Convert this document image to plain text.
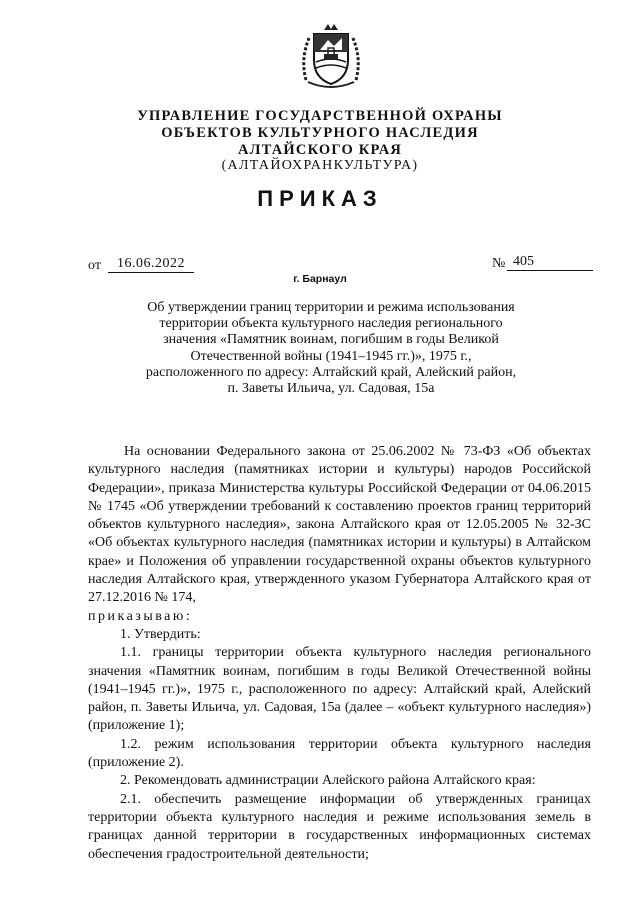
УПРАВЛЕНИЕ ГОСУДАРСТВЕННОЙ ОХРАНЫ
ОБЪЕКТОВ КУЛЬТУРНОГО НАСЛЕДИЯ
АЛТАЙСКОГО КРАЯ
(АЛТАЙОХРАНКУЛЬТУРА)
ПРИКАЗ
от	16.06.2022	№ 405
г. Барнаул
Об утверждении границ территории и режима использования
территории объекта культурного наследия регионального
значения «Памятник воинам, погибшим в годы Великой
Отечественной войны (1941–1945 гг.)», 1975 г.,
расположенного по адресу: Алтайский край, Алейский район,
п. Заветы Ильича, ул. Садовая, 15а

На основании Федерального закона от 25.06.2002 № 73-ФЗ «Об объектах культурного наследия (памятниках истории и культуры) народов Российской Федерации», приказа Министерства культуры Российской Федерации от 04.06.2015 № 1745 «Об утверждении требований к составлению проектов границ территорий объектов культурного наследия», закона Алтайского края от 12.05.2005 № 32-ЗС «Об объектах культурного наследия (памятниках истории и культуры) в Алтайском крае» и Положения об управлении государственной охраны объектов культурного наследия Алтайского края, утвержденного указом Губернатора Алтайского края от 27.12.2016 № 174,

приказываю:

1. Утвердить:

1.1. границы территории объекта культурного наследия регионального значения «Памятник воинам, погибшим в годы Великой Отечественной войны (1941–1945 гг.)», 1975 г., расположенного по адресу: Алтайский край, Алейский район, п. Заветы Ильича, ул. Садовая, 15а (далее – «объект культурного наследия») (приложение 1);

1.2. режим использования территории объекта культурного наследия (приложение 2).

2. Рекомендовать администрации Алейского района Алтайского края:

2.1. обеспечить размещение информации об утвержденных границах территории объекта культурного наследия и режиме использования земель в границах данной территории в государственных информационных системах обеспечения градостроительной деятельности;
